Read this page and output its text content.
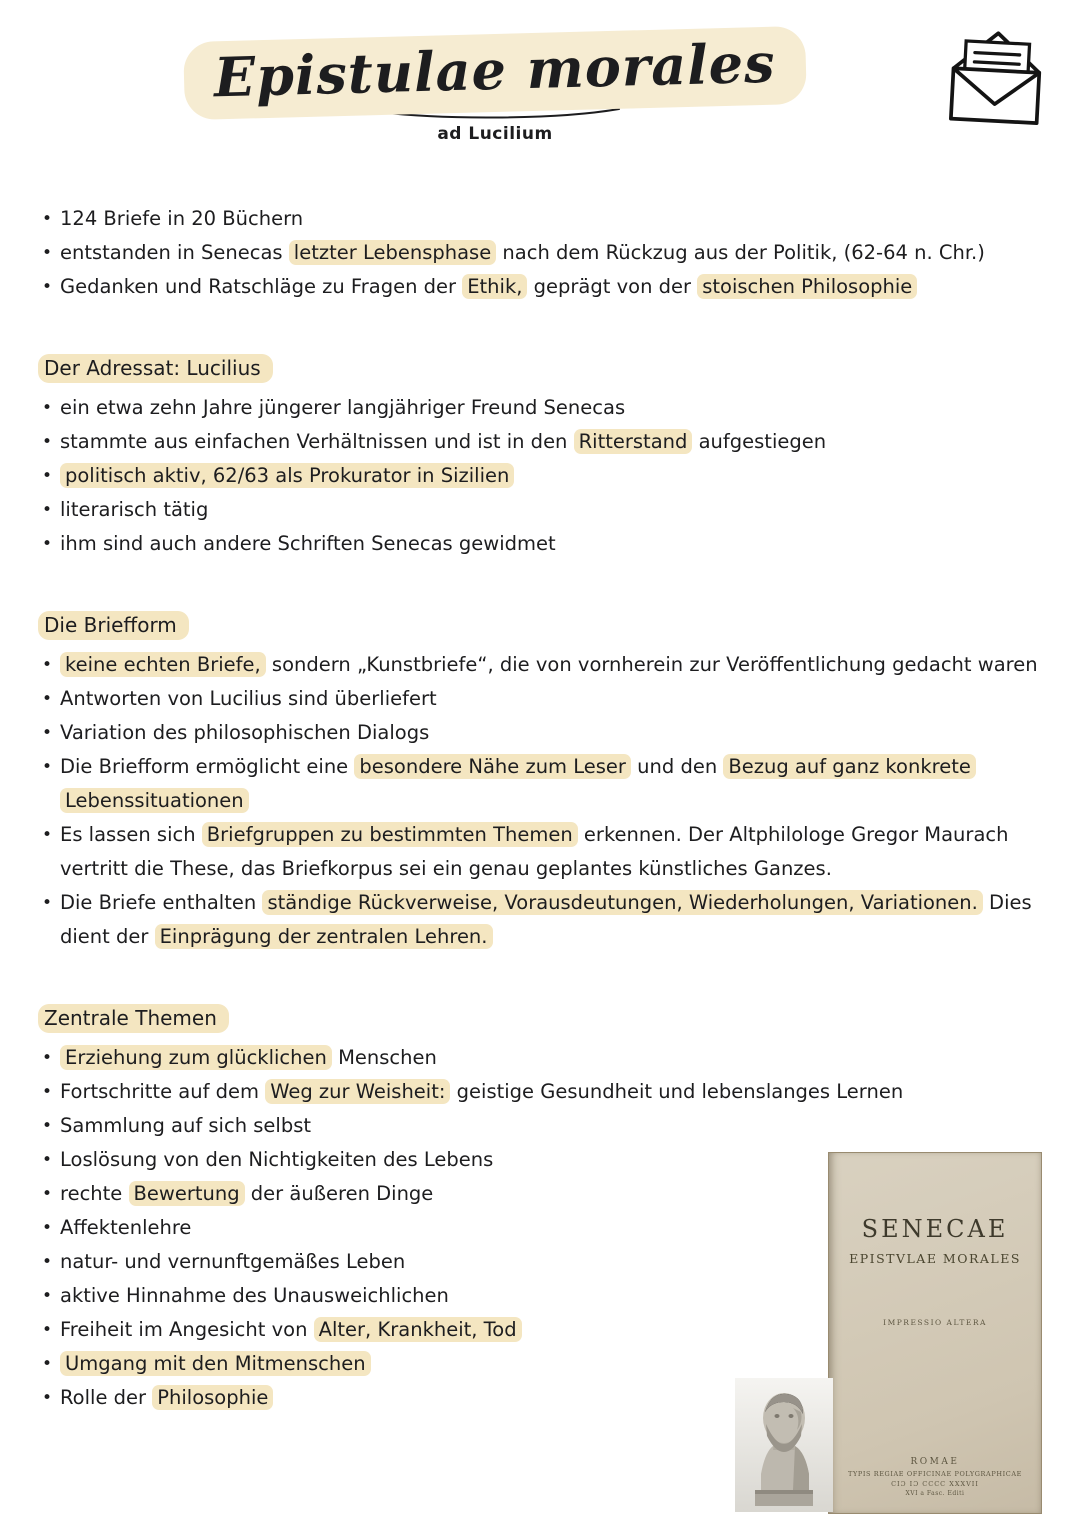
Epistulae morales
ad Lucilium
• 124 Briefe in 20 Büchern
• entstanden in Senecas letzter Lebensphase nach dem Rückzug aus der Politik, (62-64 n. Chr.)
• Gedanken und Ratschläge zu Fragen der Ethik, geprägt von der stoischen Philosophie
Der Adressat: Lucilius
• ein etwa zehn Jahre jüngerer langjähriger Freund Senecas
• stammte aus einfachen Verhältnissen und ist in den Ritterstand aufgestiegen
• politisch aktiv, 62/63 als Prokurator in Sizilien
• literarisch tätig
• ihm sind auch andere Schriften Senecas gewidmet
Die Briefform
• keine echten Briefe, sondern „Kunstbriefe“, die von vornherein zur Veröffentlichung gedacht waren
• Antworten von Lucilius sind überliefert
• Variation des philosophischen Dialogs
• Die Briefform ermöglicht eine besondere Nähe zum Leser und den Bezug auf ganz konkrete Lebenssituationen
• Es lassen sich Briefgruppen zu bestimmten Themen erkennen. Der Altphilologe Gregor Maurach vertritt die These, das Briefkorpus sei ein genau geplantes künstliches Ganzes.
• Die Briefe enthalten ständige Rückverweise, Vorausdeutungen, Wiederholungen, Variationen. Dies dient der Einprägung der zentralen Lehren.
Zentrale Themen
• Erziehung zum glücklichen Menschen
• Fortschritte auf dem Weg zur Weisheit: geistige Gesundheit und lebenslanges Lernen
• Sammlung auf sich selbst
• Loslösung von den Nichtigkeiten des Lebens
• rechte Bewertung der äußeren Dinge
• Affektenlehre
• natur- und vernunftgemäßes Leben
• aktive Hinnahme des Unausweichlichen
• Freiheit im Angesicht von Alter, Krankheit, Tod
• Umgang mit den Mitmenschen
• Rolle der Philosophie
SENECAE
EPISTVLAE MORALES
IMPRESSIO ALTERA
ROMAE
TYPIS REGIAE OFFICINAE POLYGRAPHICAE
CIƆ IƆ CCCC XXXVII
XVI a Fasc. Editi
